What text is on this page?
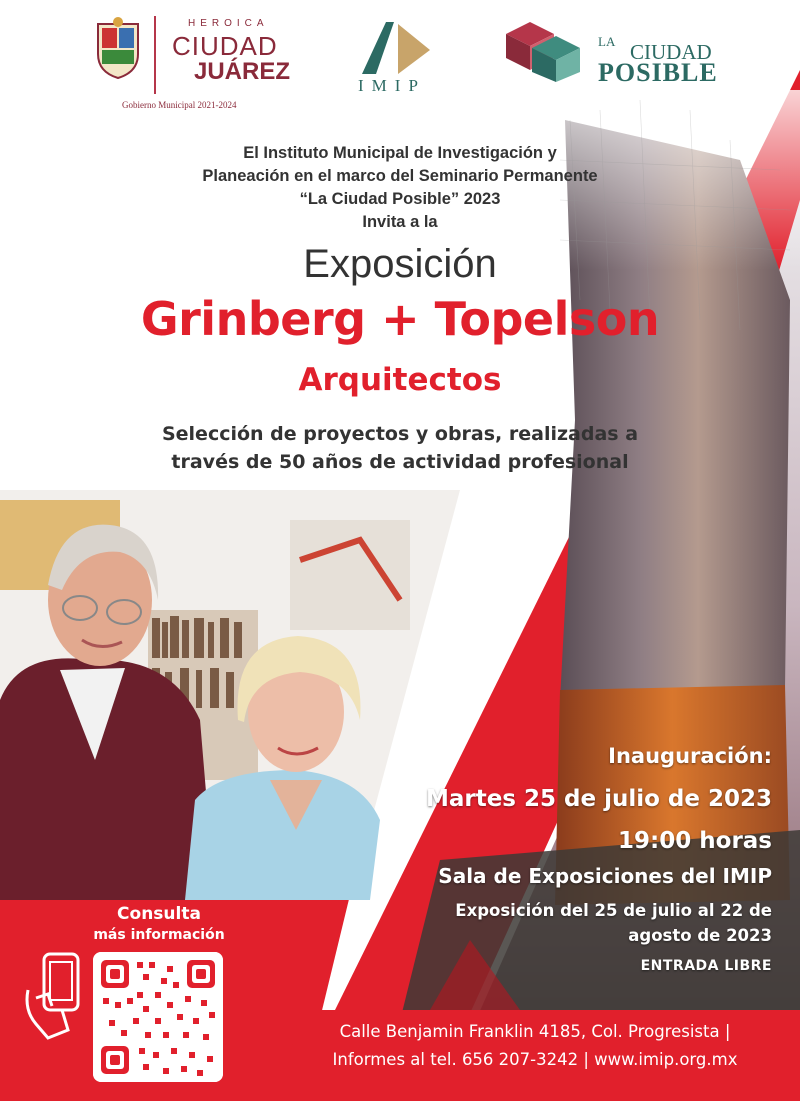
HEROICA
CIUDAD
JUÁREZ
Gobierno Municipal 2021-2024
IMIP
LA CIUDAD
POSIBLE
El Instituto Municipal de Investigación y
Planeación en el marco del Seminario Permanente
“La Ciudad Posible” 2023
Invita a la
Exposición
Grinberg + Topelson
Arquitectos
Selección de proyectos y obras, realizadas a
través de 50 años de actividad profesional
Inauguración:
Martes 25 de julio de 2023
19:00 horas
Sala de Exposiciones del IMIP
Exposición del 25 de julio al 22 de
agosto de 2023
ENTRADA LIBRE
Consulta
más información
Calle Benjamin Franklin 4185, Col. Progresista |
Informes al tel. 656 207-3242 | www.imip.org.mx
